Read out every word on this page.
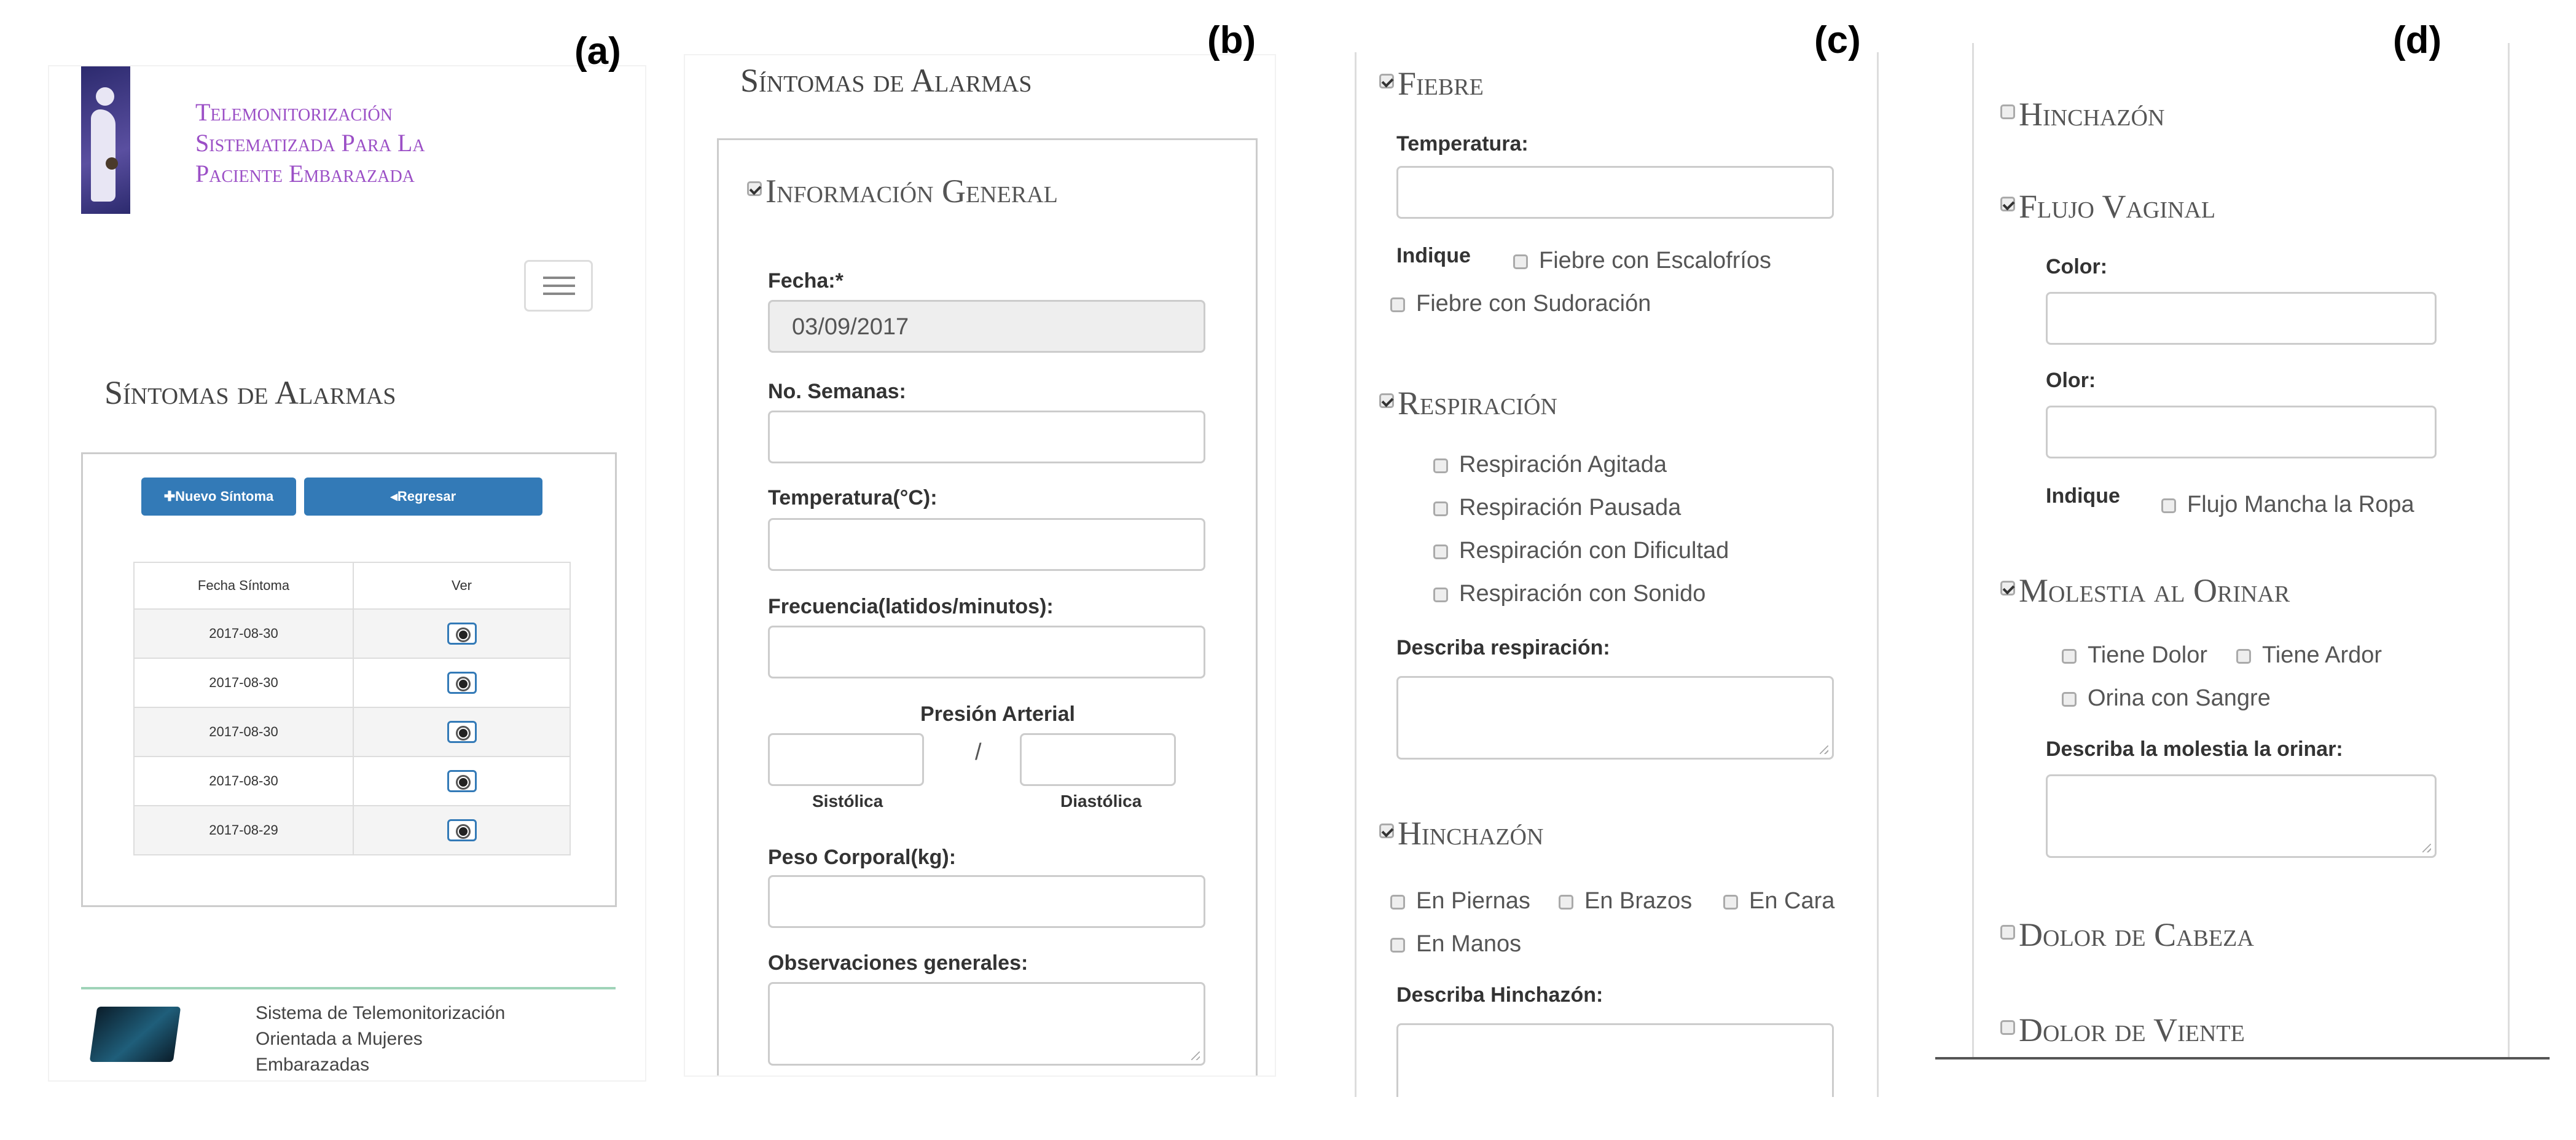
Telemonitorización
Sistematizada Para La
Paciente Embarazada
Síntomas de Alarmas
✚Nuevo Síntoma	◂Regresar
Fecha Síntoma	Ver
2017-08-30	
2017-08-30	
2017-08-30	
2017-08-30	
2017-08-29	
Sistema de Telemonitorización
Orientada a Mujeres
Embarazadas
(a)
Síntomas de Alarmas
Información General
Fecha:*
03/09/2017
No. Semanas:
Temperatura(°C):
Frecuencia(latidos/minutos):
Presión Arterial
/
Sistólica	Diastólica
Peso Corporal(kg):
Observaciones generales:
(b)
Fiebre
Temperatura:
Indique	Fiebre con Escalofríos
Fiebre con Sudoración
Respiración
Respiración Agitada
Respiración Pausada
Respiración con Dificultad
Respiración con Sonido
Describa respiración:
Hinchazón
En Piernas	En Brazos	En Cara
En Manos
Describa Hinchazón:
(c)
Hinchazón
Flujo Vaginal
Color:
Olor:
Indique	Flujo Mancha la Ropa
Molestia al Orinar
Tiene Dolor	Tiene Ardor
Orina con Sangre
Describa la molestia la orinar:
Dolor de Cabeza
Dolor de Viente
(d)
